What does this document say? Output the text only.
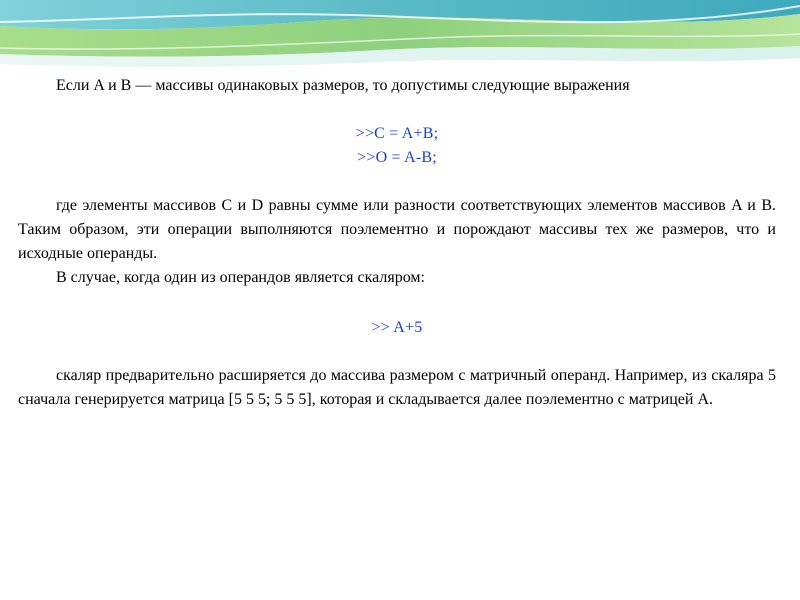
Если A и B — массивы одинаковых размеров, то допустимы следующие выражения

>>C = A+B;

>>O = A-B;

где элементы массивов C и D равны сумме или разности соответствующих элементов массивов A и B. Таким образом, эти операции выполняются поэлементно и порождают массивы тех же размеров, что и исходные операнды.

В случае, когда один из операндов является скаляром:

>> A+5

скаляр предварительно расширяется до массива размером с матричный операнд. Например, из скаляра 5 сначала генерируется матрица [5 5 5; 5 5 5], которая и складывается далее поэлементно с матрицей A.
